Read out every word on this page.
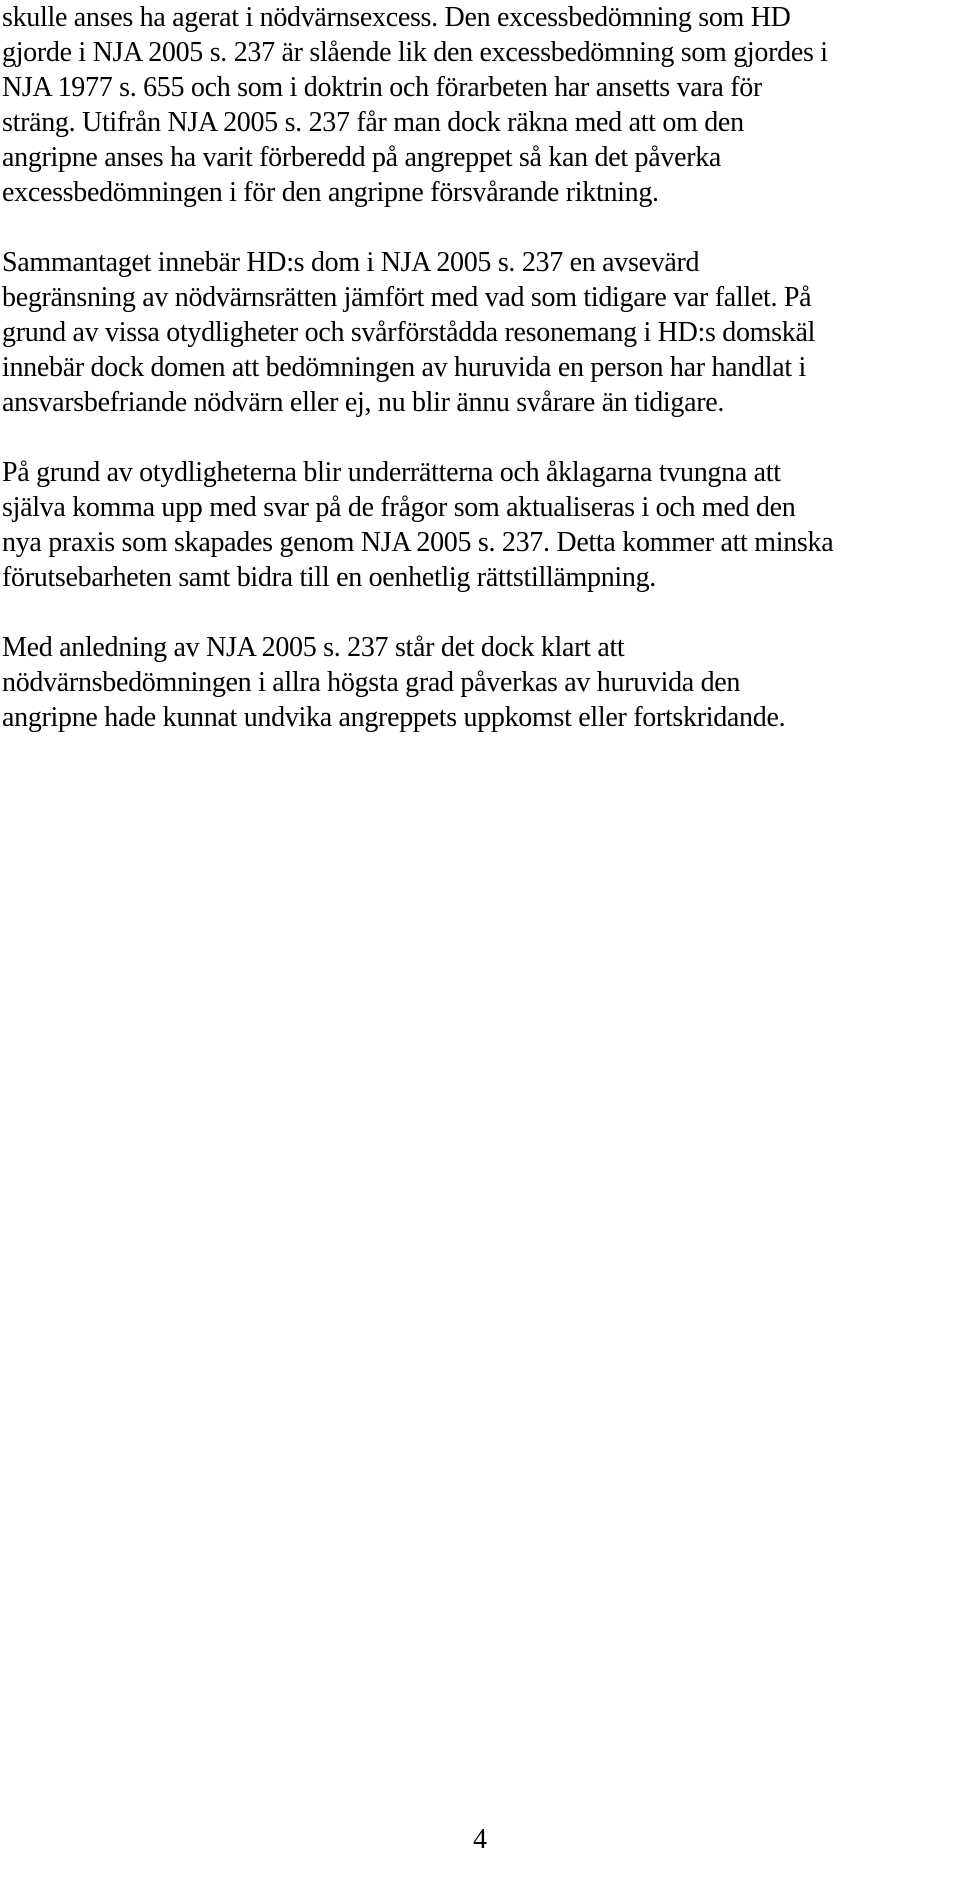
skulle anses ha agerat i nödvärnsexcess. Den excessbedömning som HD
gjorde i NJA 2005 s. 237 är slående lik den excessbedömning som gjordes i
NJA 1977 s. 655 och som i doktrin och förarbeten har ansetts vara för
sträng. Utifrån NJA 2005 s. 237 får man dock räkna med att om den
angripne anses ha varit förberedd på angreppet så kan det påverka
excessbedömningen i för den angripne försvårande riktning.

Sammantaget innebär HD:s dom i NJA 2005 s. 237 en avsevärd
begränsning av nödvärnsrätten jämfört med vad som tidigare var fallet. På
grund av vissa otydligheter och svårförstådda resonemang i HD:s domskäl
innebär dock domen att bedömningen av huruvida en person har handlat i
ansvarsbefriande nödvärn eller ej, nu blir ännu svårare än tidigare.

På grund av otydligheterna blir underrätterna och åklagarna tvungna att
själva komma upp med svar på de frågor som aktualiseras i och med den
nya praxis som skapades genom NJA 2005 s. 237. Detta kommer att minska
förutsebarheten samt bidra till en oenhetlig rättstillämpning.

Med anledning av NJA 2005 s. 237 står det dock klart att
nödvärnsbedömningen i allra högsta grad påverkas av huruvida den
angripne hade kunnat undvika angreppets uppkomst eller fortskridande.

4
